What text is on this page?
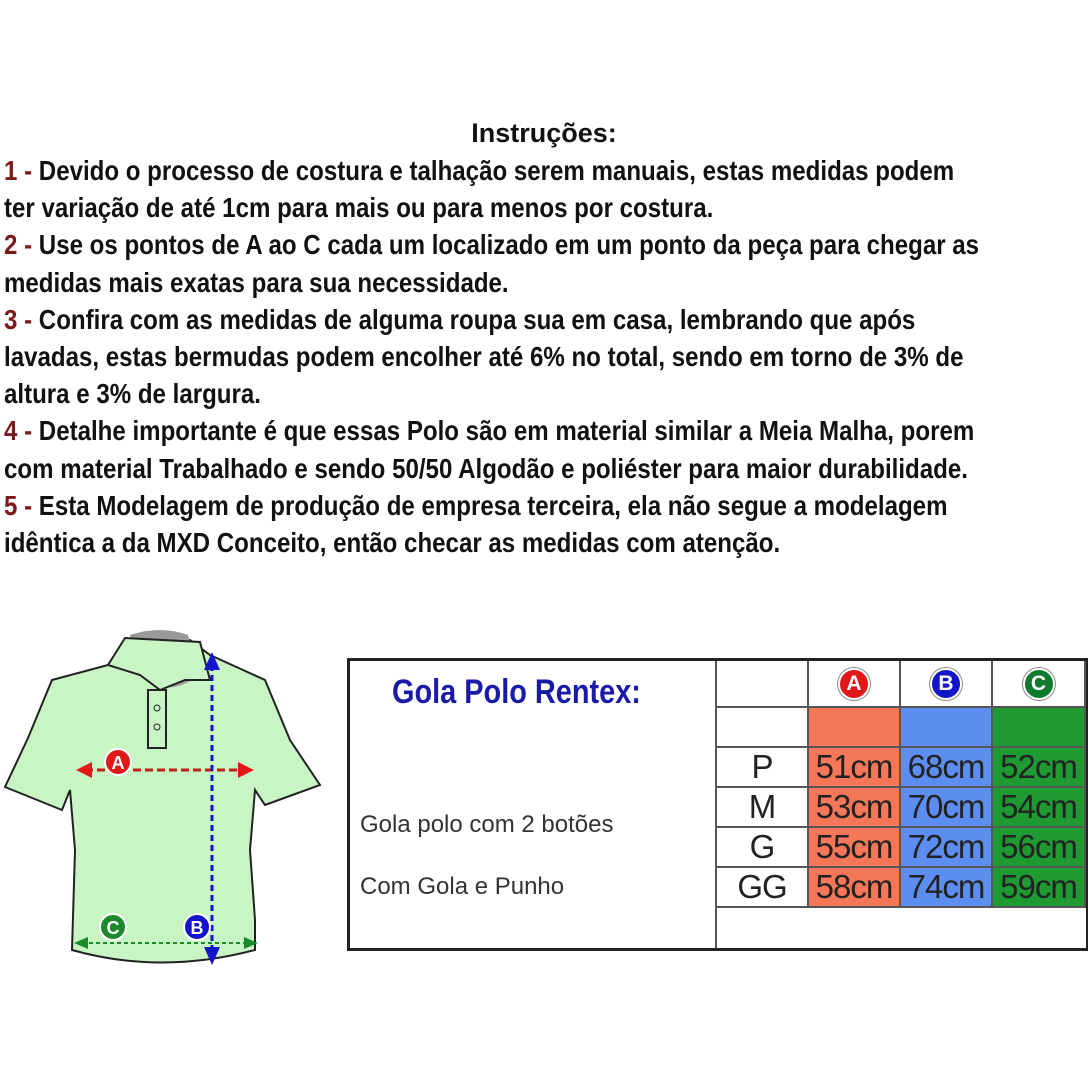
Instruções:
1 - Devido o processo de costura e talhação serem manuais, estas medidas podem
ter variação de até 1cm para mais ou para menos por costura.
2 - Use os pontos de A ao C cada um localizado em um ponto da peça para chegar as
medidas mais exatas para sua necessidade.
3 - Confira com as medidas de alguma roupa sua em casa, lembrando que após
lavadas, estas bermudas podem encolher até 6% no total, sendo em torno de 3% de
altura e 3% de largura.
4 - Detalhe importante é que essas Polo são em material similar a Meia Malha, porem
com material Trabalhado e sendo 50/50 Algodão e poliéster para maior durabilidade.
5 - Esta Modelagem de produção de empresa terceira, ela não segue a modelagem
idêntica a da MXD Conceito, então checar as medidas com atenção.
A
B
C
Gola Polo Rentex:
Gola polo com 2 botões
Com Gola e Punho
A	B	C
P	51cm 68cm 52cm
M	53cm 70cm 54cm
G	55cm 72cm 56cm
GG 58cm 74cm 59cm
